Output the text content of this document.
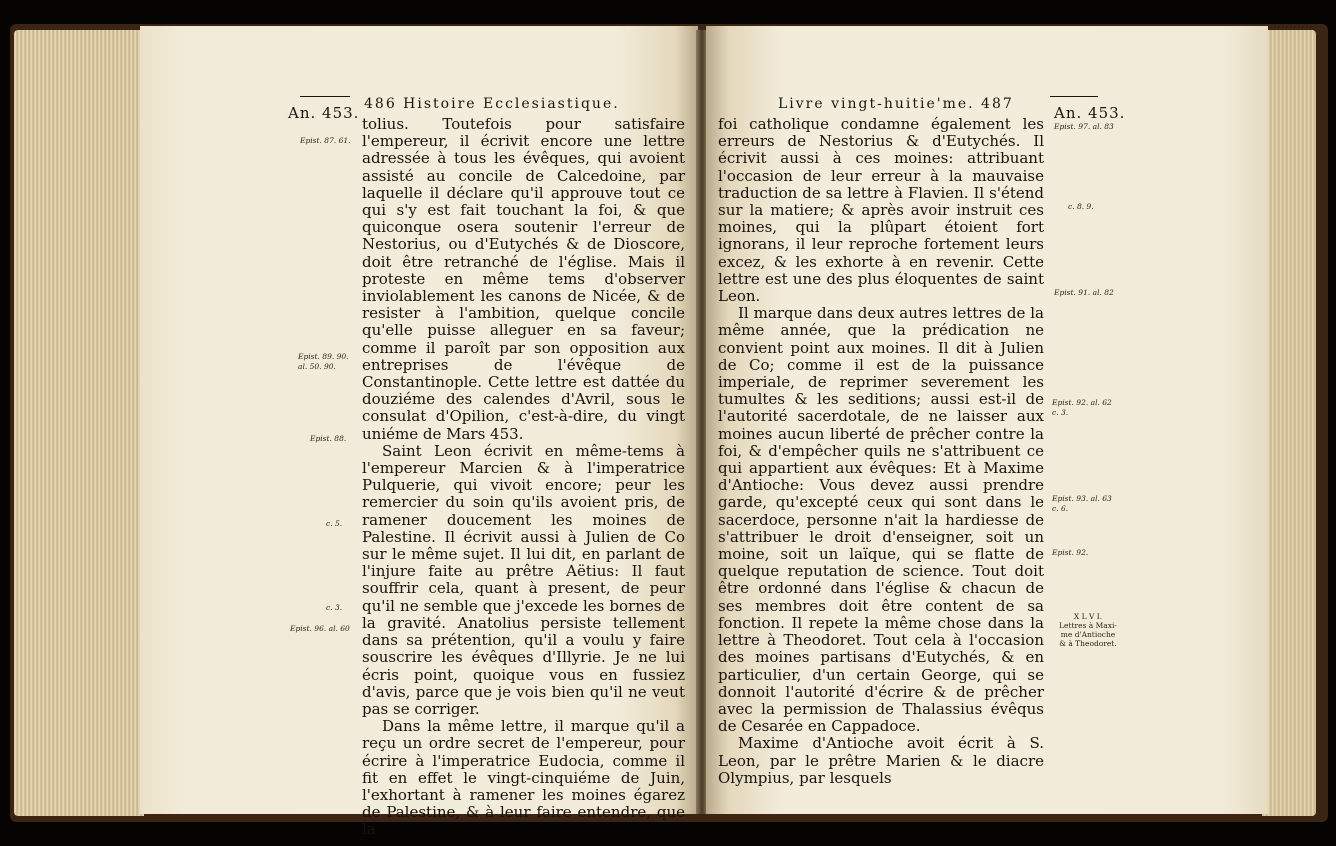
486 Histoire Ecclesiastique.
An. 453.
Epist. 87. 61.
Epist. 89. 90.
al. 50. 90.
Epist. 88.
c. 5.
c. 3.
Epist. 96. al. 60

tolius. Toutefois pour satisfaire l'empereur, il écrivit encore une lettre adressée à tous les évêques, qui avoient assisté au concile de Calcedoine, par laquelle il déclare qu'il approuve tout ce qui s'y est fait touchant la foi, & que quiconque osera soutenir l'erreur de Nestorius, ou d'Eutychés & de Dioscore, doit être retranché de l'église. Mais il proteste en même tems d'observer inviolablement les canons de Nicée, & de resister à l'ambition, quelque concile qu'elle puisse alleguer en sa faveur; comme il paroît par son opposition aux entreprises de l'évêque de Constantinople. Cette lettre est dattée du douziéme des calendes d'Avril, sous le consulat d'Opilion, c'est-à-dire, du vingt uniéme de Mars 453.

Saint Leon écrivit en même-tems à l'empereur Marcien & à l'imperatrice Pulquerie, qui vivoit encore; peur les remercier du soin qu'ils avoient pris, de ramener doucement les moines de Palestine. Il écrivit aussi à Julien de Co sur le même sujet. Il lui dit, en parlant de l'injure faite au prêtre Aëtius: Il faut souffrir cela, quant à present, de peur qu'il ne semble que j'excede les bornes de la gravité. Anatolius persiste tellement dans sa prétention, qu'il a voulu y faire souscrire les évêques d'Illyrie. Je ne lui écris point, quoique vous en fussiez d'avis, parce que je vois bien qu'il ne veut pas se corriger.

Dans la même lettre, il marque qu'il a reçu un ordre secret de l'empereur, pour écrire à l'imperatrice Eudocia, comme il fit en effet le vingt-cinquiéme de Juin, l'exhortant à ramener les moines égarez de Palestine, & à leur faire entendre, que la

Livre vingt-huitie'me. 487	An. 453.
Epist. 97. al. 83
c. 8. 9.
Epist. 91. al. 82
Epist. 92. al. 62
c. 3.
Epist. 93. al. 63
c. 6.
Epist. 92.
X L V I.
Lettres à Maxi-
me d'Antioche
& à Theodoret.

foi catholique condamne également les erreurs de Nestorius & d'Eutychés. Il écrivit aussi à ces moines: attribuant l'occasion de leur erreur à la mauvaise traduction de sa lettre à Flavien. Il s'étend sur la matiere; & après avoir instruit ces moines, qui la plûpart étoient fort ignorans, il leur reproche fortement leurs excez, & les exhorte à en revenir. Cette lettre est une des plus éloquentes de saint Leon.

Il marque dans deux autres lettres de la même année, que la prédication ne convient point aux moines. Il dit à Julien de Co; comme il est de la puissance imperiale, de reprimer severement les tumultes & les seditions; aussi est-il de l'autorité sacerdotale, de ne laisser aux moines aucun liberté de prêcher contre la foi, & d'empêcher quils ne s'attribuent ce qui appartient aux évêques: Et à Maxime d'Antioche: Vous devez aussi prendre garde, qu'excepté ceux qui sont dans le sacerdoce, personne n'ait la hardiesse de s'attribuer le droit d'enseigner, soit un moine, soit un laïque, qui se flatte de quelque reputation de science. Tout doit être ordonné dans l'église & chacun de ses membres doit être content de sa fonction. Il repete la même chose dans la lettre à Theodoret. Tout cela à l'occasion des moines partisans d'Eutychés, & en particulier, d'un certain George, qui se donnoit l'autorité d'écrire & de prêcher avec la permission de Thalassius évêqus de Cesarée en Cappadoce.

Maxime d'Antioche avoit écrit à S. Leon, par le prêtre Marien & le diacre Olympius, par lesquels
